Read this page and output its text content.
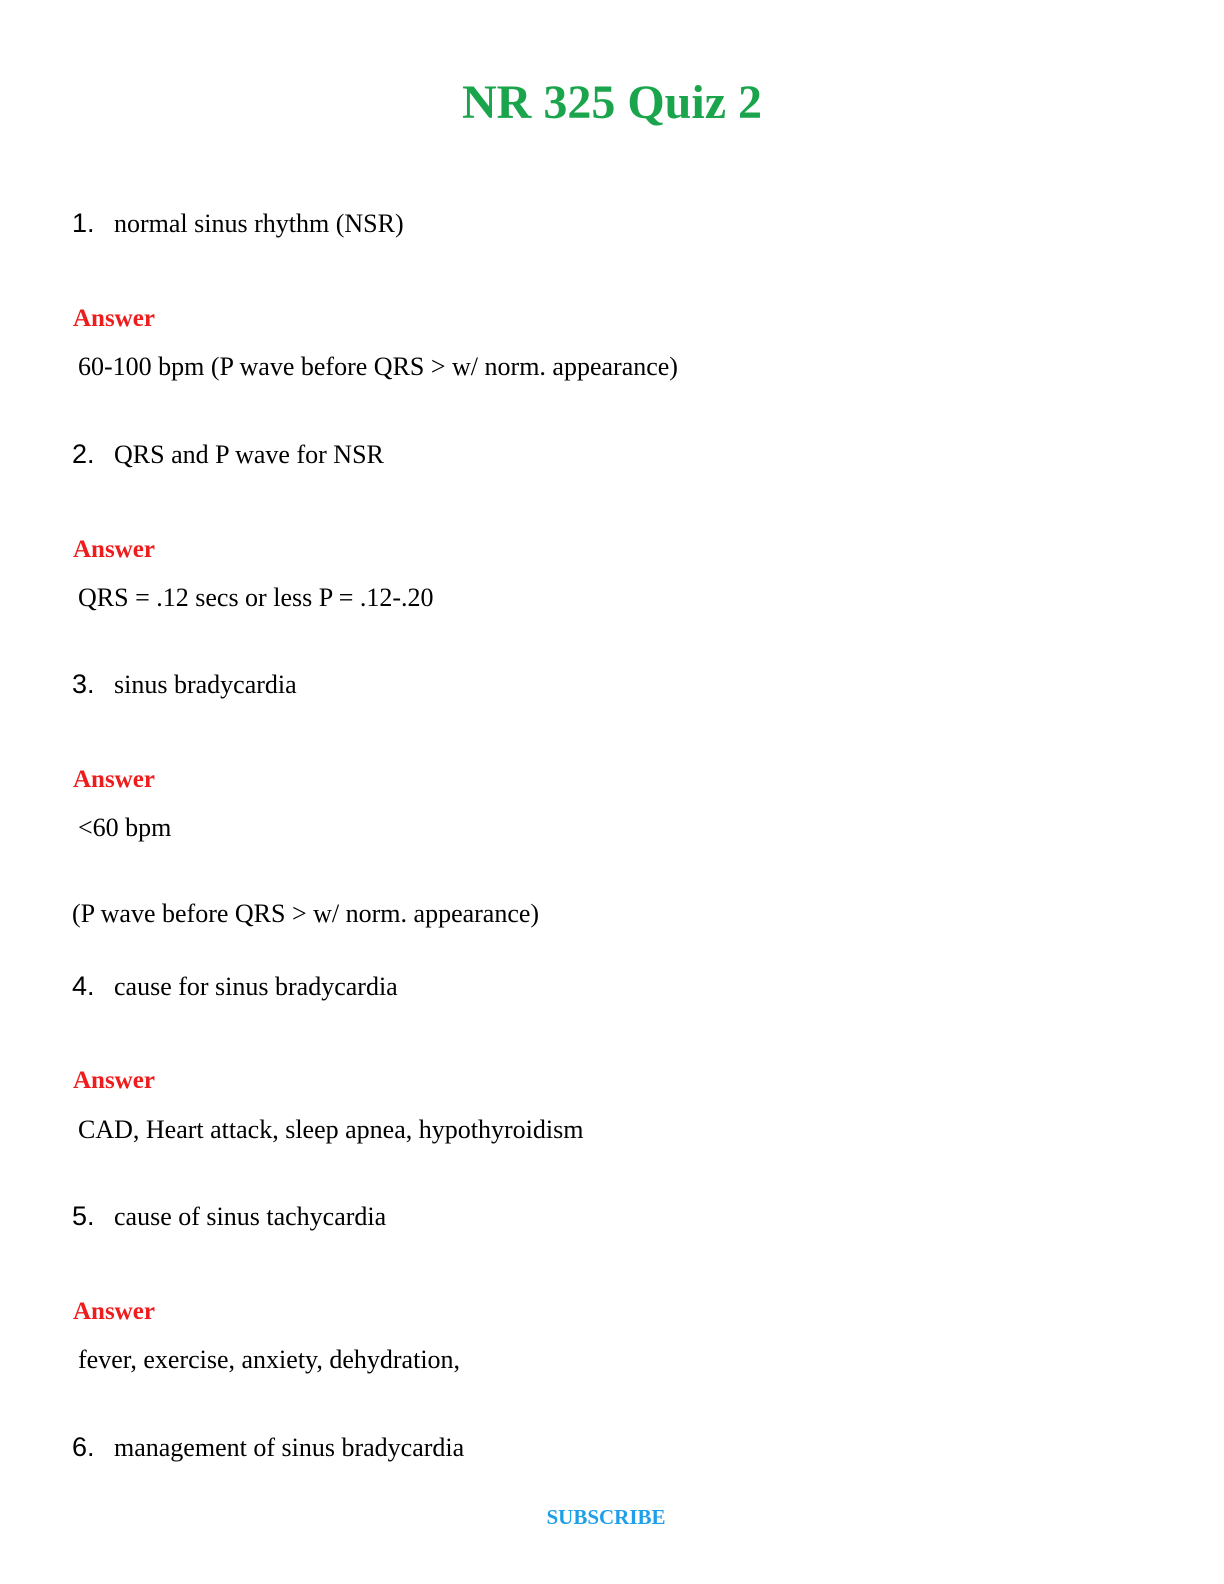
NR 325 Quiz 2
1. normal sinus rhythm (NSR)
Answer
60-100 bpm (P wave before QRS > w/ norm. appearance)
2. QRS and P wave for NSR
Answer
QRS = .12 secs or less P = .12-.20
3. sinus bradycardia
Answer
<60 bpm
(P wave before QRS > w/ norm. appearance)
4. cause for sinus bradycardia
Answer
CAD, Heart attack, sleep apnea, hypothyroidism
5. cause of sinus tachycardia
Answer
fever, exercise, anxiety, dehydration,
6. management of sinus bradycardia
SUBSCRIBE
